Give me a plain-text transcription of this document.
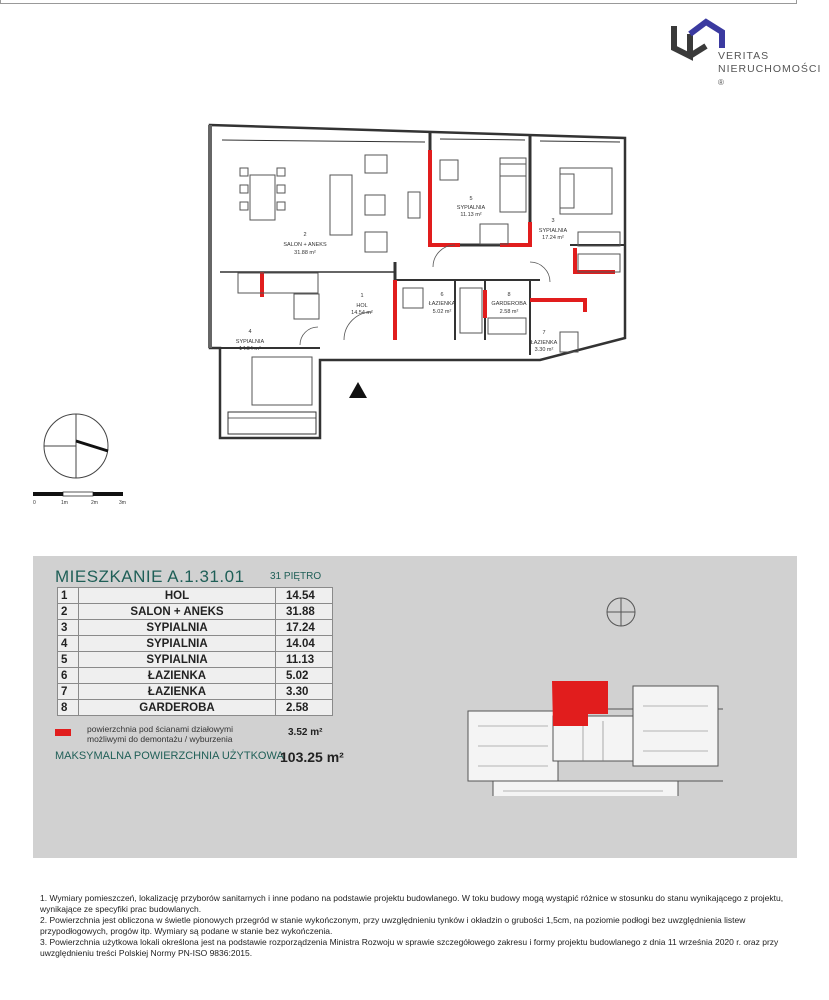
VERITAS
NIERUCHOMOŚCI ®
2
SALON + ANEKS
31.88 m²
5
SYPIALNIA
11.13 m²
3
SYPIALNIA
17.24 m²
1
HOL
14.54 m²
6
ŁAZIENKA
5.02 m²
8
GARDEROBA
2.58 m²
7
ŁAZIENKA
3.30 m²
4
SYPIALNIA
14.04 m²
0	1m	2m	3m
MIESZKANIE A.1.31.01	31 PIĘTRO
1	HOL	14.54
2	SALON + ANEKS	31.88
3	SYPIALNIA	17.24
4	SYPIALNIA	14.04
5	SYPIALNIA	11.13
6	ŁAZIENKA	5.02
7	ŁAZIENKA	3.30
8	GARDEROBA	2.58
powierzchnia pod ścianami działowymi
możliwymi do demontażu / wyburzenia
3.52 m²
MAKSYMALNA POWIERZCHNIA UŻYTKOWA
103.25 m²

1. Wymiary pomieszczeń, lokalizację przyborów sanitarnych i inne podano na podstawie projektu budowlanego. W toku budowy mogą wystąpić różnice w stosunku do stanu wynikającego z projektu, wynikające ze specyfiki prac budowlanych.

2. Powierzchnia jest obliczona w świetle pionowych przegród w stanie wykończonym, przy uwzględnieniu tynków i okładzin o grubości 1,5cm, na poziomie podłogi bez uwzględnienia listew przypodłogowych, progów itp. Wymiary są podane w stanie bez wykończenia.

3. Powierzchnia użytkowa lokali określona jest na podstawie rozporządzenia Ministra Rozwoju w sprawie szczegółowego zakresu i formy projektu budowlanego z dnia 11 września 2020 r. oraz przy uwzględnieniu treści Polskiej Normy PN-ISO 9836:2015.
